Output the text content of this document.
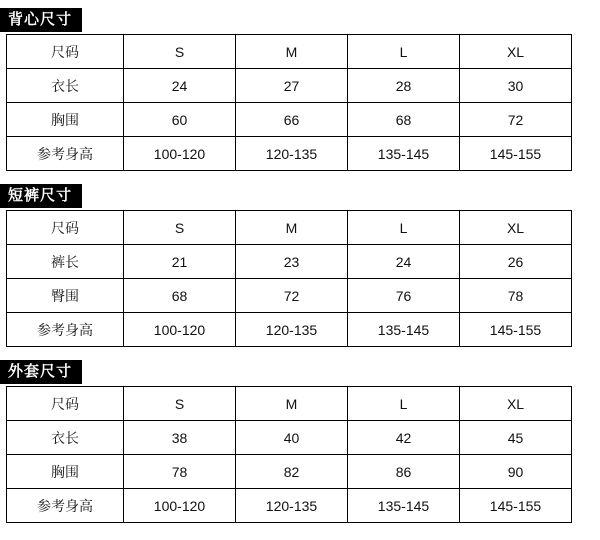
背心尺寸
尺码	S	M	L	XL
衣长	24	27	28	30
胸围	60	66	68	72
参考身高	100-120	120-135	135-145	145-155
短裤尺寸
尺码	S	M	L	XL
裤长	21	23	24	26
臀围	68	72	76	78
参考身高	100-120	120-135	135-145	145-155
外套尺寸
尺码	S	M	L	XL
衣长	38	40	42	45
胸围	78	82	86	90
参考身高	100-120	120-135	135-145	145-155
